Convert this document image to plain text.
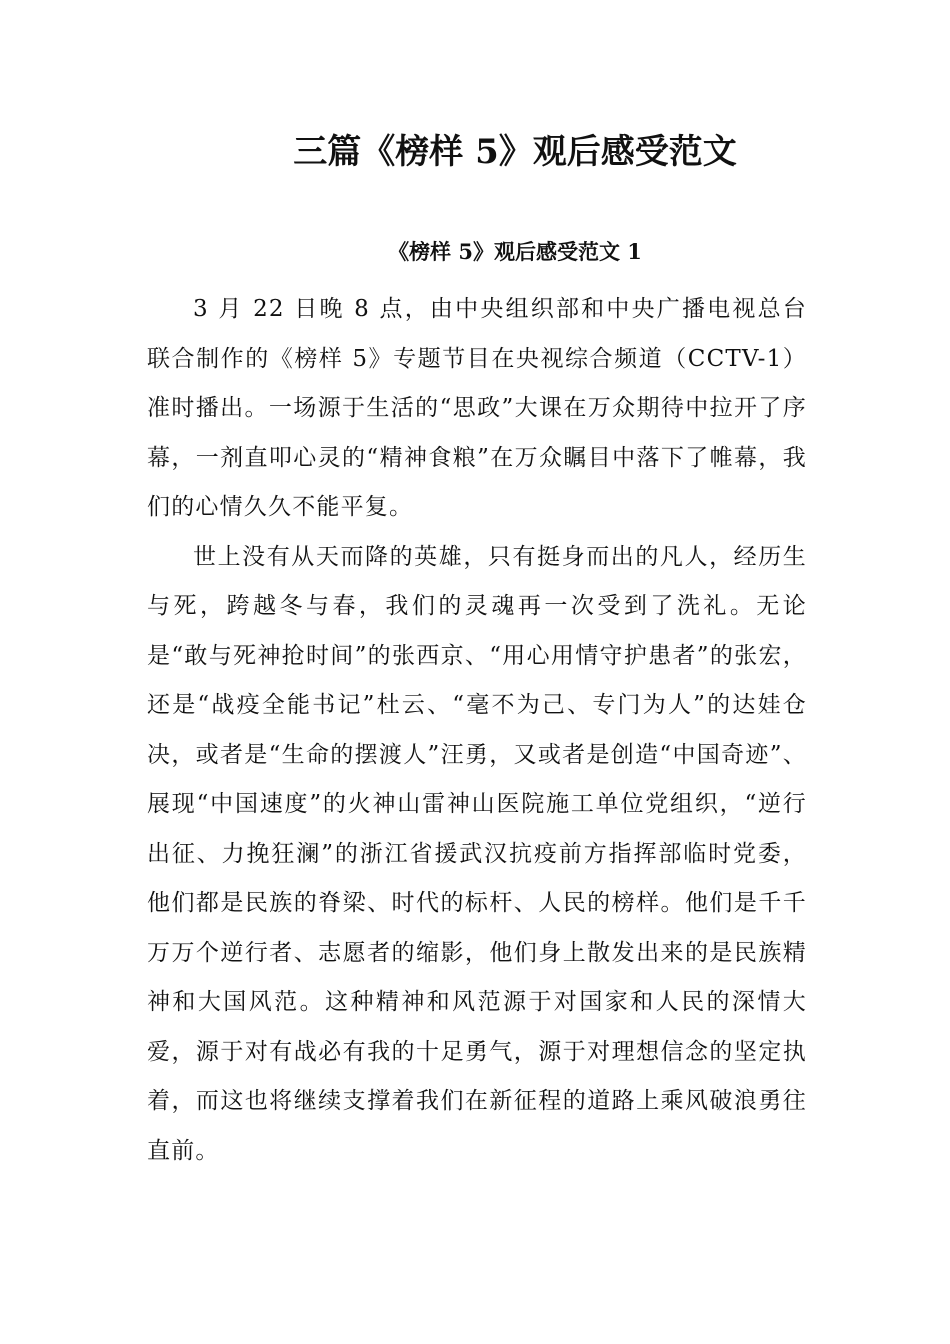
三篇《榜样 5》观后感受范文
《榜样 5》观后感受范文 1

3 月 22 日晚 8 点，由中央组织部和中央广播电视总台联合制作的《榜样 5》专题节目在央视综合频道（CCTV-1）准时播出。一场源于生活的“思政”大课在万众期待中拉开了序幕，一剂直叩心灵的“精神食粮”在万众瞩目中落下了帷幕，我们的心情久久不能平复。

世上没有从天而降的英雄，只有挺身而出的凡人，经历生与死，跨越冬与春，我们的灵魂再一次受到了洗礼。无论是“敢与死神抢时间”的张西京、“用心用情守护患者”的张宏，还是“战疫全能书记”杜云、“毫不为己、专门为人”的达娃仓决，或者是“生命的摆渡人”汪勇，又或者是创造“中国奇迹”、展现“中国速度”的火神山雷神山医院施工单位党组织，“逆行出征、力挽狂澜”的浙江省援武汉抗疫前方指挥部临时党委，他们都是民族的脊梁、时代的标杆、人民的榜样。他们是千千万万个逆行者、志愿者的缩影，他们身上散发出来的是民族精神和大国风范。这种精神和风范源于对国家和人民的深情大爱，源于对有战必有我的十足勇气，源于对理想信念的坚定执着，而这也将继续支撑着我们在新征程的道路上乘风破浪勇往直前。
